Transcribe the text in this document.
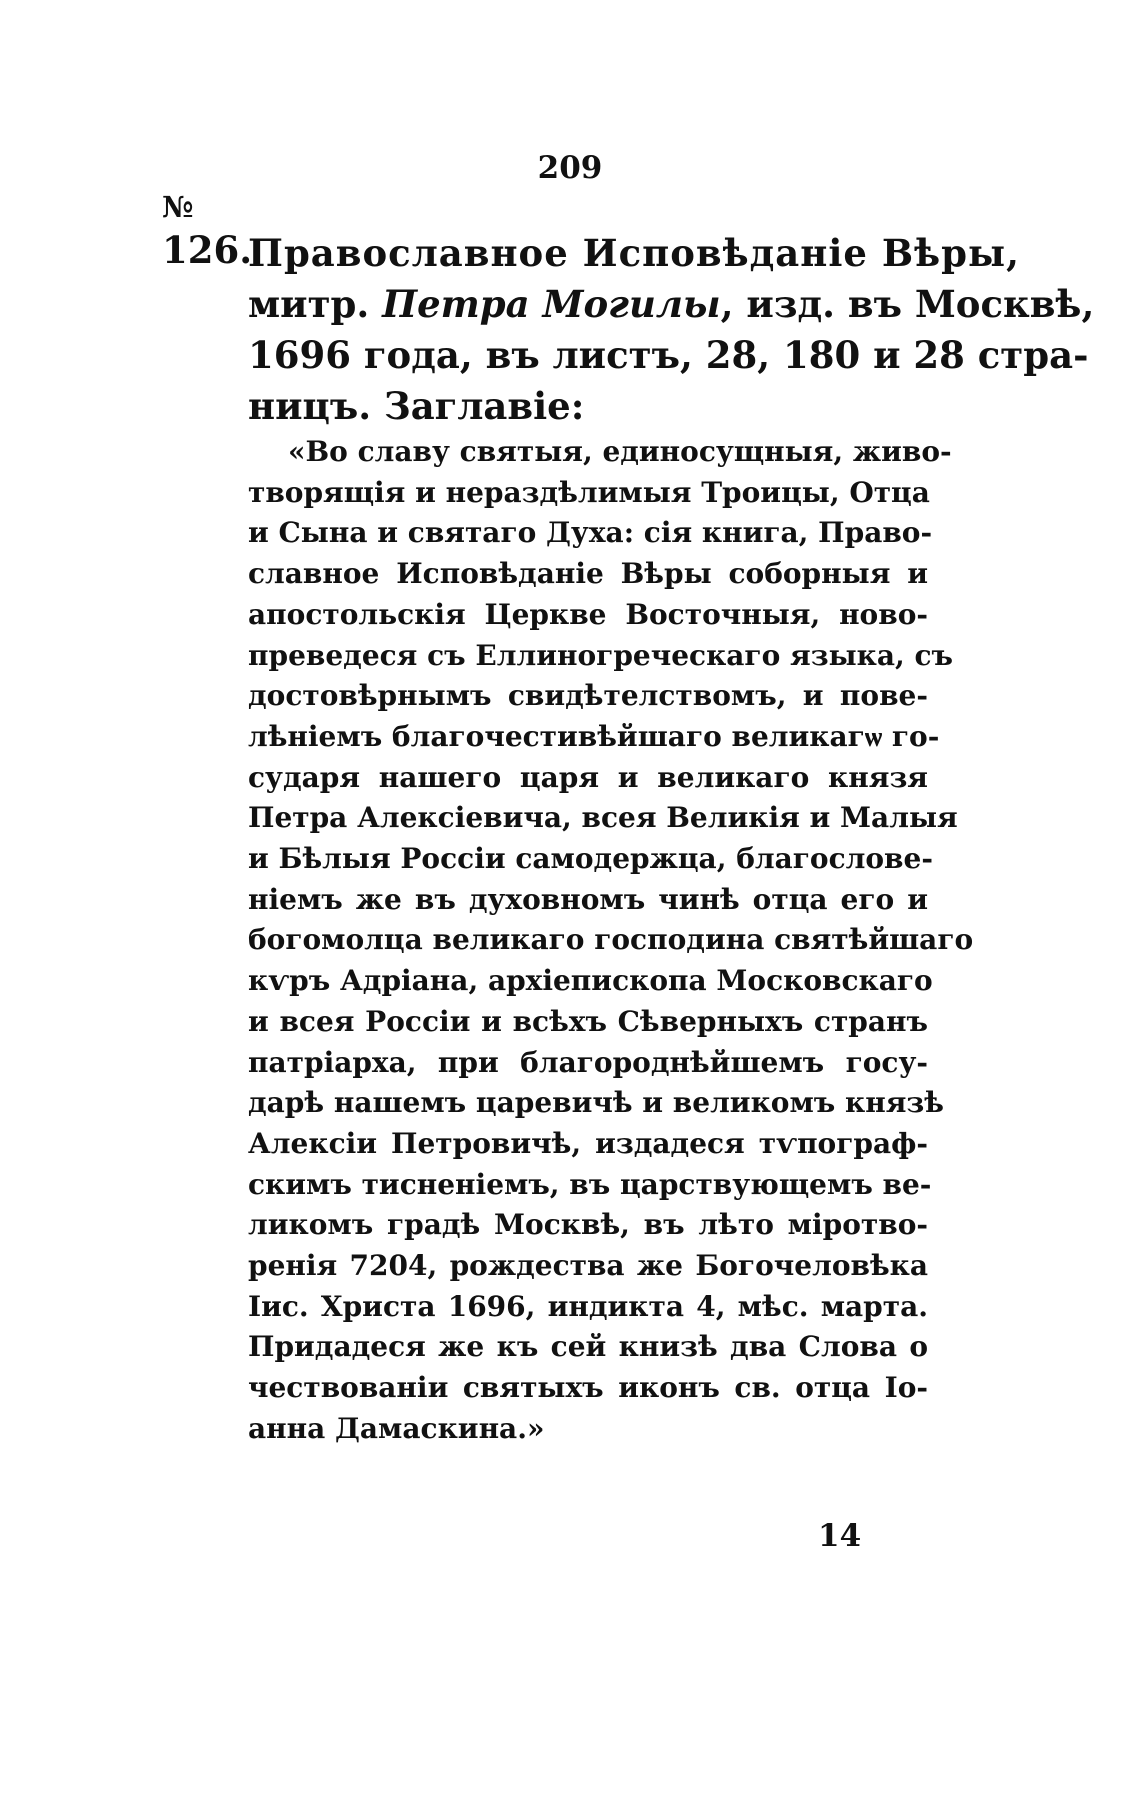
209
№
126.
Православное Исповѣданіе Вѣры,
митр. Петра Могилы, изд. въ Москвѣ,
1696 года, въ листъ, 28, 180 и 28 стра-
ницъ. Заглавіе:
«Во славу святыя, единосущныя, живо-
творящія и нераздѣлимыя Троицы, Отца
и Сына и святаго Духа: сія книга, Право-
славное Исповѣданіе Вѣры соборныя и
апостольскія Церкве Восточныя, ново-
преведеся съ Еллиногреческаго языка, съ
достовѣрнымъ свидѣтелствомъ, и пове-
лѣніемъ благочестивѣйшаго великагѡ го-
сударя нашего царя и великаго князя
Петра Алексіевича, всея Великія и Малыя
и Бѣлыя Россіи самодержца, благослове-
ніемъ же въ духовномъ чинѣ отца его и
богомолца великаго господина святѣйшаго
кѵръ Адріана, архіепископа Московскаго
и всея Россіи и всѣхъ Сѣверныхъ странъ
патріарха, при благороднѣйшемъ госу-
дарѣ нашемъ царевичѣ и великомъ князѣ
Алексіи Петровичѣ, издадеся тѵпограф-
скимъ тисненіемъ, въ царствующемъ ве-
ликомъ градѣ Москвѣ, въ лѣто міротво-
ренія 7204, рождества же Богочеловѣка
Іис. Христа 1696, индикта 4, мѣс. марта.
Придадеся же къ сей книзѣ два Слова о
чествованіи святыхъ иконъ св. отца Іо-
анна Дамаскина.»
14
